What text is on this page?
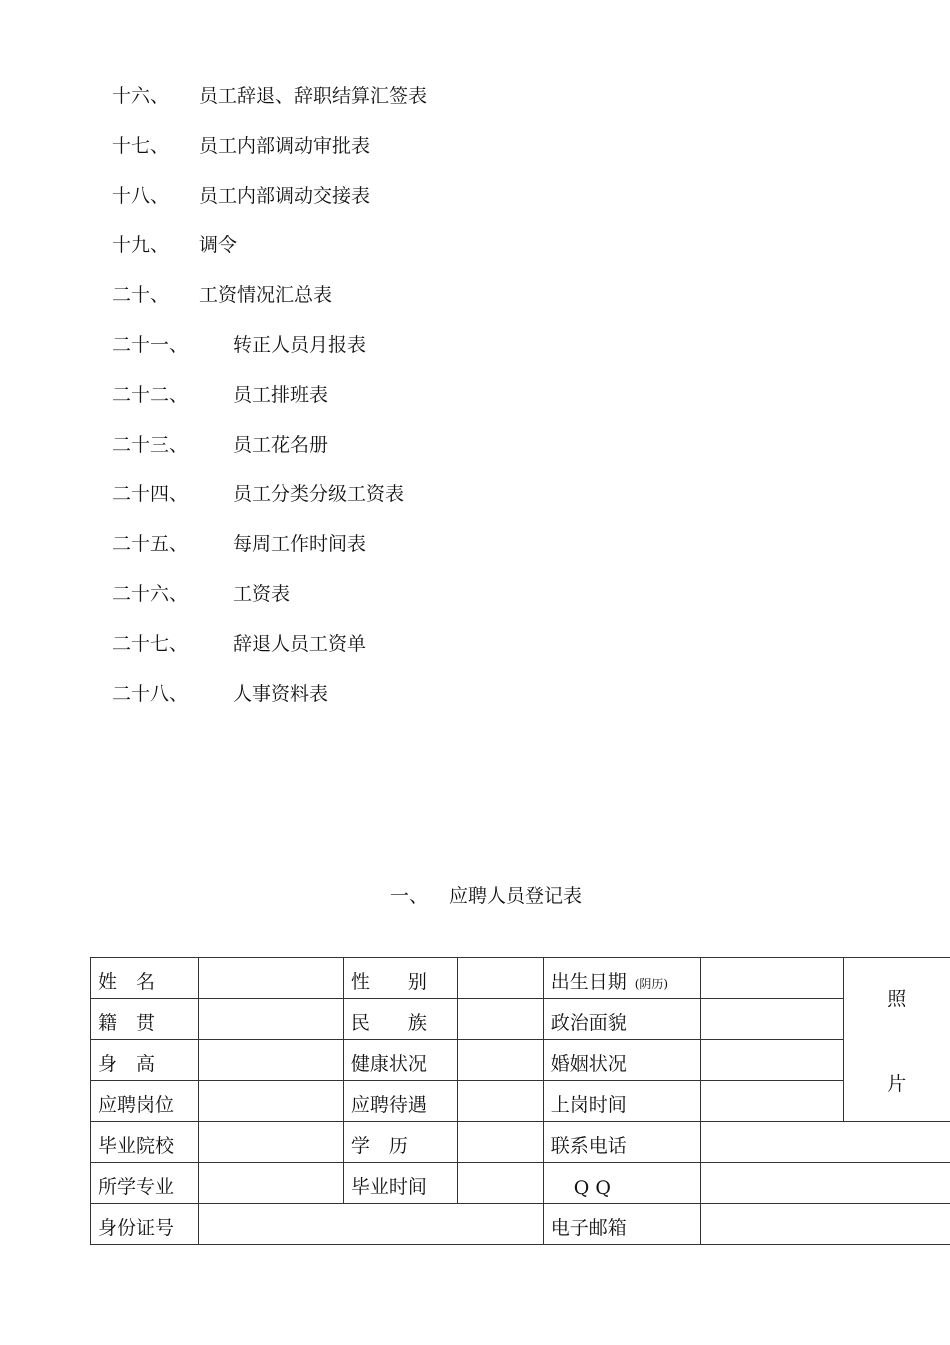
十六、 员工辞退、辞职结算汇签表
十七、 员工内部调动审批表
十八、 员工内部调动交接表
十九、 调令
二十、 工资情况汇总表
二十一、 转正人员月报表
二十二、 员工排班表
二十三、 员工花名册
二十四、 员工分类分级工资表
二十五、 每周工作时间表
二十六、 工资表
二十七、 辞退人员工资单
二十八、 人事资料表
一、 应聘人员登记表
姓　名		性　　别		出生日期 (阴历)		照
片

籍　贯		民　　族		政治面貌		
身　高		健康状况		婚姻状况		
应聘岗位		应聘待遇		上岗时间		
毕业院校		学　历		联系电话		
所学专业		毕业时间		Q Q		
身份证号				电子邮箱		
